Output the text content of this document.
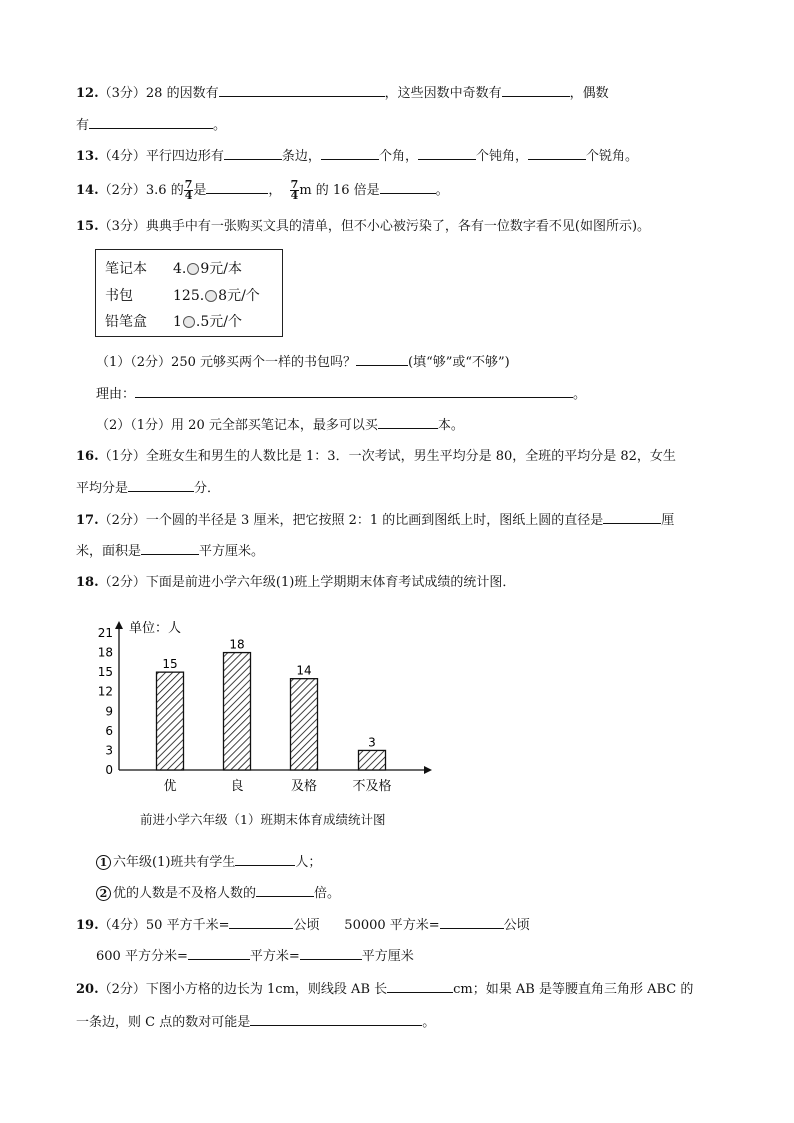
12.（3分）28 的因数有	，这些因数中奇数有	，偶数
有	。
13.（4分）平行四边形有	条边，	个角，	个钝角，	个锐角。
14.（2分）3.6 的 $\frac{7}{4}$ 是	， $\frac{7}{4}$ m 的 16 倍是	。
15.（3分）典典手中有一张购买文具的清单，但不小心被污染了，各有一位数字看不见(如图所示)。
笔记本 4. 9元/本
书包	125. 8元/个
铅笔盒 1 .5元/个
（1）（2分）250 元够买两个一样的书包吗？	(填“够”或“不够”)
理由：	。
（2）（1分）用 20 元全部买笔记本，最多可以买	本。
16.（1分）全班女生和男生的人数比是 1：3．一次考试，男生平均分是 80，全班的平均分是 82，女生
平均分是	分．
17.（2分）一个圆的半径是 3 厘米，把它按照 2：1 的比画到图纸上时，图纸上圆的直径是	厘
米，面积是	平方厘米。
18.（2分）下面是前进小学六年级(1)班上学期期末体育考试成绩的统计图．
单位：人
0
3
6
9
12
15
18
21
15
优
18
良
14
及格
3
不及格
前进小学六年级（1）班期末体育成绩统计图
1 六年级(1)班共有学生	人；
2 优的人数是不及格人数的	倍。
19.（4分）50 平方千米=	公顷 50000 平方米=	公顷
600 平方分米=	平方米=	平方厘米
20.（2分）下图小方格的边长为 1cm，则线段 AB 长	cm；如果 AB 是等腰直角三角形 ABC 的
一条边，则 C 点的数对可能是	。
